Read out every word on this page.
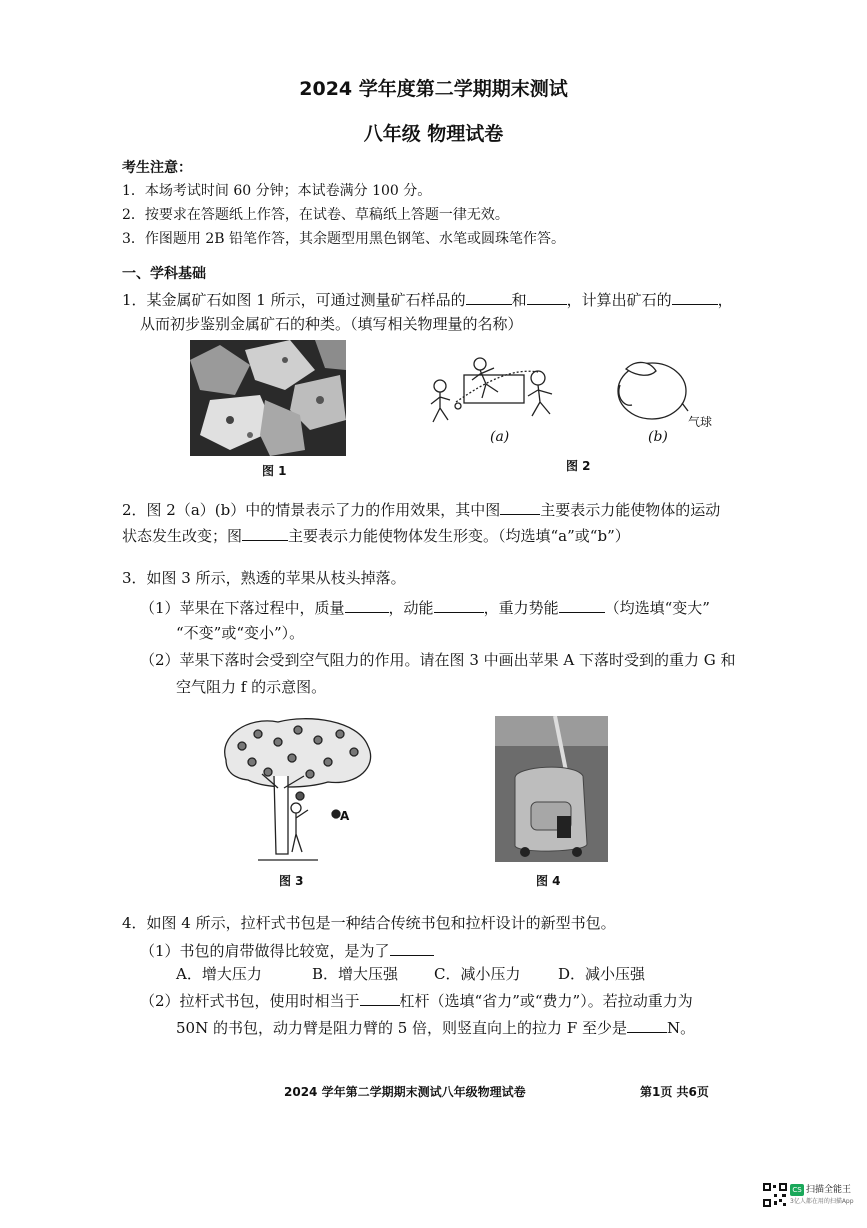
2024 学年度第二学期期末测试
八年级 物理试卷
考生注意：
1．本场考试时间 60 分钟；本试卷满分 100 分。
2．按要求在答题纸上作答，在试卷、草稿纸上答题一律无效。
3．作图题用 2B 铅笔作答，其余题型用黑色钢笔、水笔或圆珠笔作答。
一、学科基础
1．某金属矿石如图 1 所示，可通过测量矿石样品的	和	，计算出矿石的	，
从而初步鉴别金属矿石的种类。（填写相关物理量的名称）
图 1
(a)
气球
(b)
图 2
2．图 2（a）(b）中的情景表示了力的作用效果，其中图	主要表示力能使物体的运动
状态发生改变；图	主要表示力能使物体发生形变。（均选填“a”或“b”）
3．如图 3 所示，熟透的苹果从枝头掉落。
（1）苹果在下落过程中，质量	，动能	，重力势能	（均选填“变大”
“不变”或“变小”）。
（2）苹果下落时会受到空气阻力的作用。请在图 3 中画出苹果 A 下落时受到的重力 G 和
空气阻力 f 的示意图。
A
图 3	图 4
4．如图 4 所示，拉杆式书包是一种结合传统书包和拉杆设计的新型书包。
（1）书包的肩带做得比较宽，是为了
A．增大压力	B．增大压强 C．减小压力	D．减小压强
（2）拉杆式书包，使用时相当于	杠杆（选填“省力”或“费力”）。若拉动重力为
50N 的书包，动力臂是阻力臂的 5 倍，则竖直向上的拉力 F 至少是	N。
2024 学年第二学期期末测试八年级物理试卷	第1页 共6页
CS 扫描全能王
3亿人都在用的扫描App
